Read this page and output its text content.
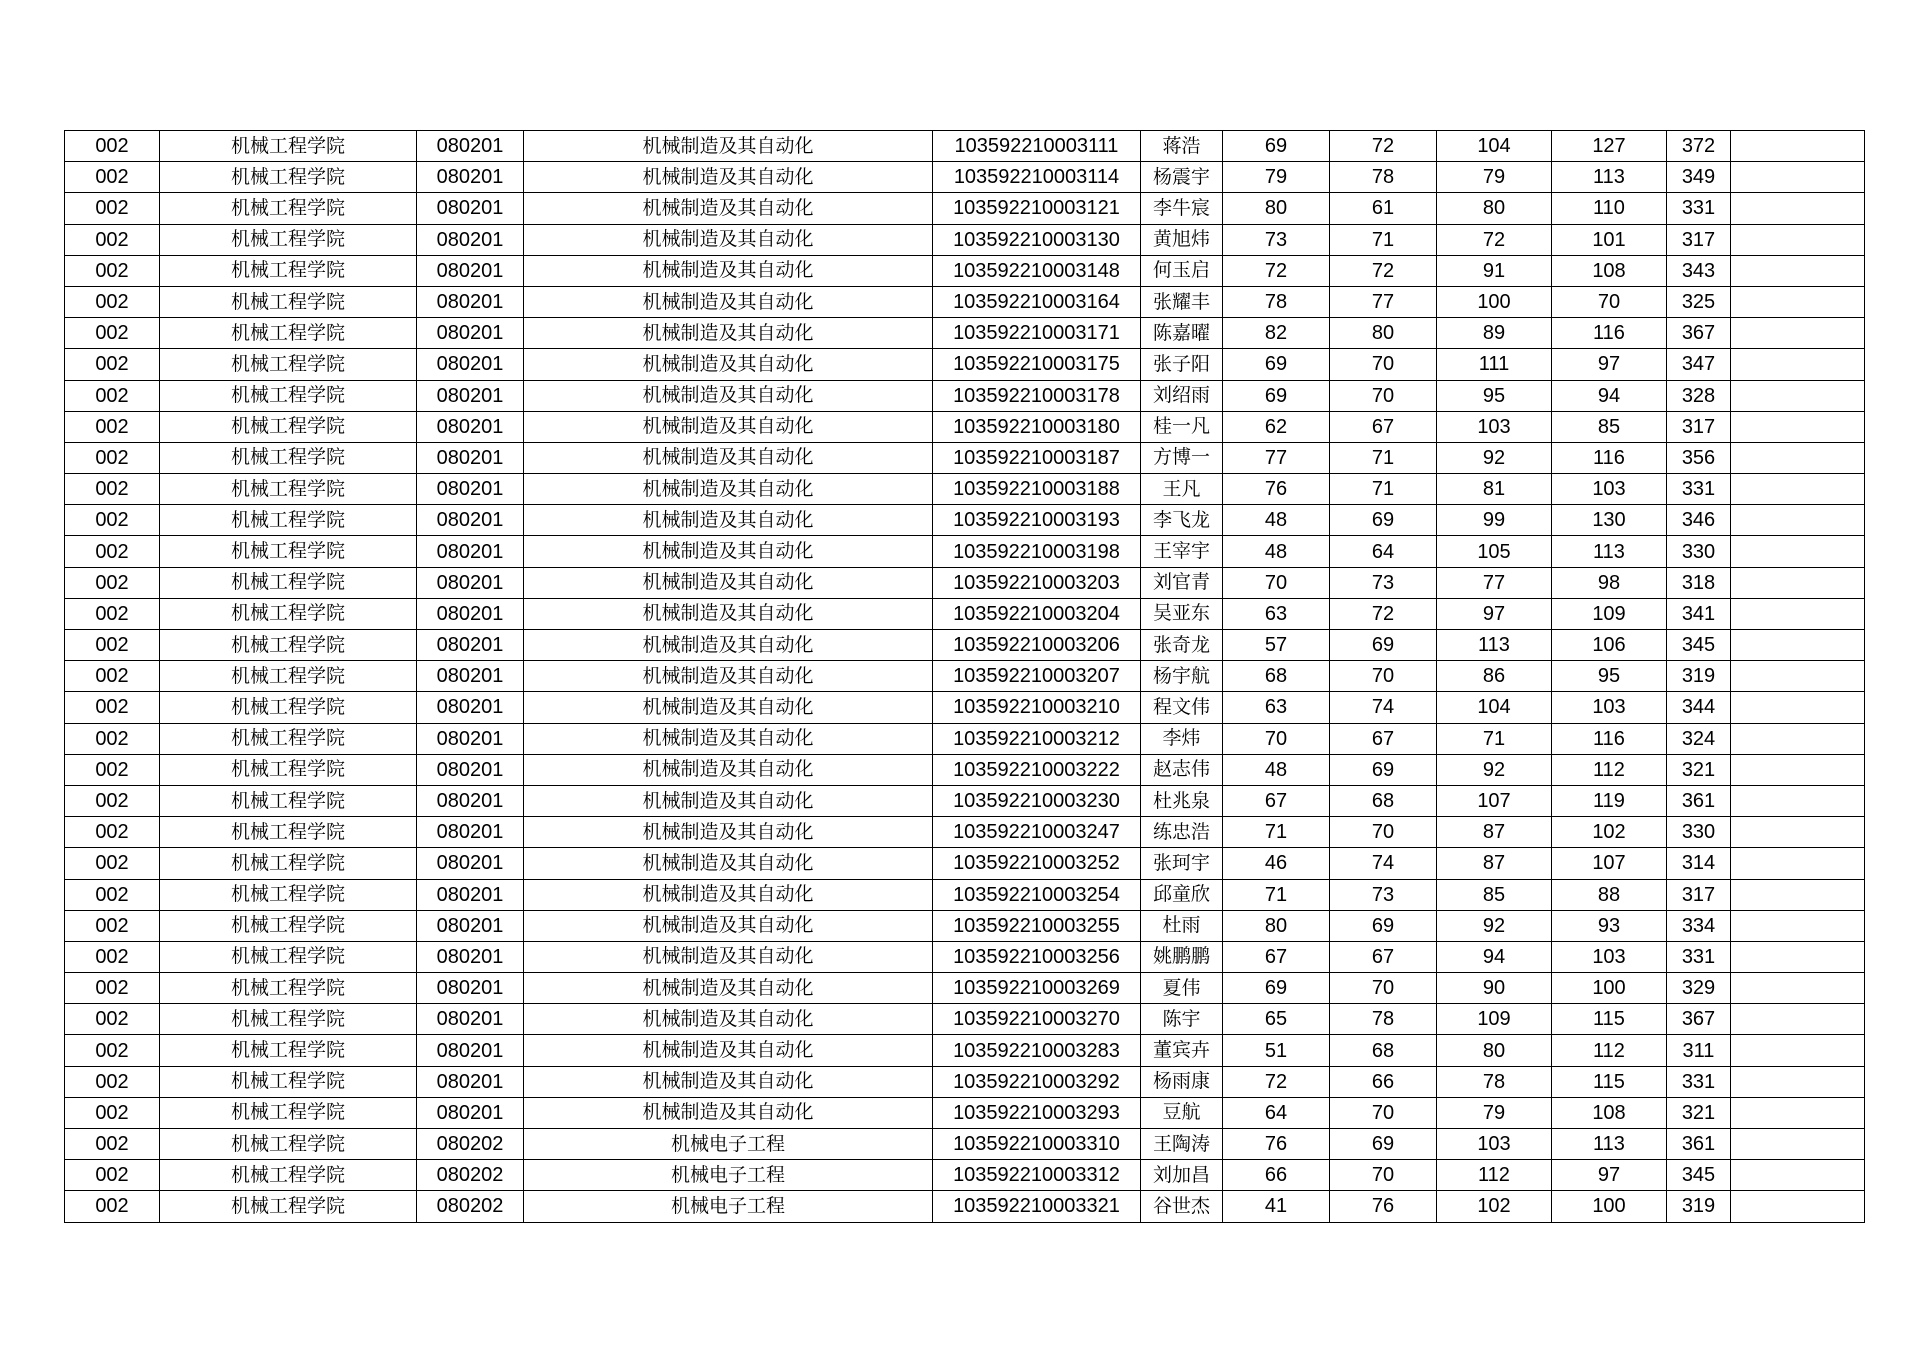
002	机械工程学院	080201	机械制造及其自动化	103592210003111	蒋浩	69	72	104	127	372	
002	机械工程学院	080201	机械制造及其自动化	103592210003114	杨震宇	79	78	79	113	349	
002	机械工程学院	080201	机械制造及其自动化	103592210003121	李牛宸	80	61	80	110	331	
002	机械工程学院	080201	机械制造及其自动化	103592210003130	黄旭炜	73	71	72	101	317	
002	机械工程学院	080201	机械制造及其自动化	103592210003148	何玉启	72	72	91	108	343	
002	机械工程学院	080201	机械制造及其自动化	103592210003164	张耀丰	78	77	100	70	325	
002	机械工程学院	080201	机械制造及其自动化	103592210003171	陈嘉曜	82	80	89	116	367	
002	机械工程学院	080201	机械制造及其自动化	103592210003175	张子阳	69	70	111	97	347	
002	机械工程学院	080201	机械制造及其自动化	103592210003178	刘绍雨	69	70	95	94	328	
002	机械工程学院	080201	机械制造及其自动化	103592210003180	桂一凡	62	67	103	85	317	
002	机械工程学院	080201	机械制造及其自动化	103592210003187	方博一	77	71	92	116	356	
002	机械工程学院	080201	机械制造及其自动化	103592210003188	王凡	76	71	81	103	331	
002	机械工程学院	080201	机械制造及其自动化	103592210003193	李飞龙	48	69	99	130	346	
002	机械工程学院	080201	机械制造及其自动化	103592210003198	王宰宇	48	64	105	113	330	
002	机械工程学院	080201	机械制造及其自动化	103592210003203	刘官青	70	73	77	98	318	
002	机械工程学院	080201	机械制造及其自动化	103592210003204	吴亚东	63	72	97	109	341	
002	机械工程学院	080201	机械制造及其自动化	103592210003206	张奇龙	57	69	113	106	345	
002	机械工程学院	080201	机械制造及其自动化	103592210003207	杨宇航	68	70	86	95	319	
002	机械工程学院	080201	机械制造及其自动化	103592210003210	程文伟	63	74	104	103	344	
002	机械工程学院	080201	机械制造及其自动化	103592210003212	李炜	70	67	71	116	324	
002	机械工程学院	080201	机械制造及其自动化	103592210003222	赵志伟	48	69	92	112	321	
002	机械工程学院	080201	机械制造及其自动化	103592210003230	杜兆泉	67	68	107	119	361	
002	机械工程学院	080201	机械制造及其自动化	103592210003247	练忠浩	71	70	87	102	330	
002	机械工程学院	080201	机械制造及其自动化	103592210003252	张珂宇	46	74	87	107	314	
002	机械工程学院	080201	机械制造及其自动化	103592210003254	邱童欣	71	73	85	88	317	
002	机械工程学院	080201	机械制造及其自动化	103592210003255	杜雨	80	69	92	93	334	
002	机械工程学院	080201	机械制造及其自动化	103592210003256	姚鹏鹏	67	67	94	103	331	
002	机械工程学院	080201	机械制造及其自动化	103592210003269	夏伟	69	70	90	100	329	
002	机械工程学院	080201	机械制造及其自动化	103592210003270	陈宇	65	78	109	115	367	
002	机械工程学院	080201	机械制造及其自动化	103592210003283	董宾卉	51	68	80	112	311	
002	机械工程学院	080201	机械制造及其自动化	103592210003292	杨雨康	72	66	78	115	331	
002	机械工程学院	080201	机械制造及其自动化	103592210003293	豆航	64	70	79	108	321	
002	机械工程学院	080202	机械电子工程	103592210003310	王陶涛	76	69	103	113	361	
002	机械工程学院	080202	机械电子工程	103592210003312	刘加昌	66	70	112	97	345	
002	机械工程学院	080202	机械电子工程	103592210003321	谷世杰	41	76	102	100	319	
